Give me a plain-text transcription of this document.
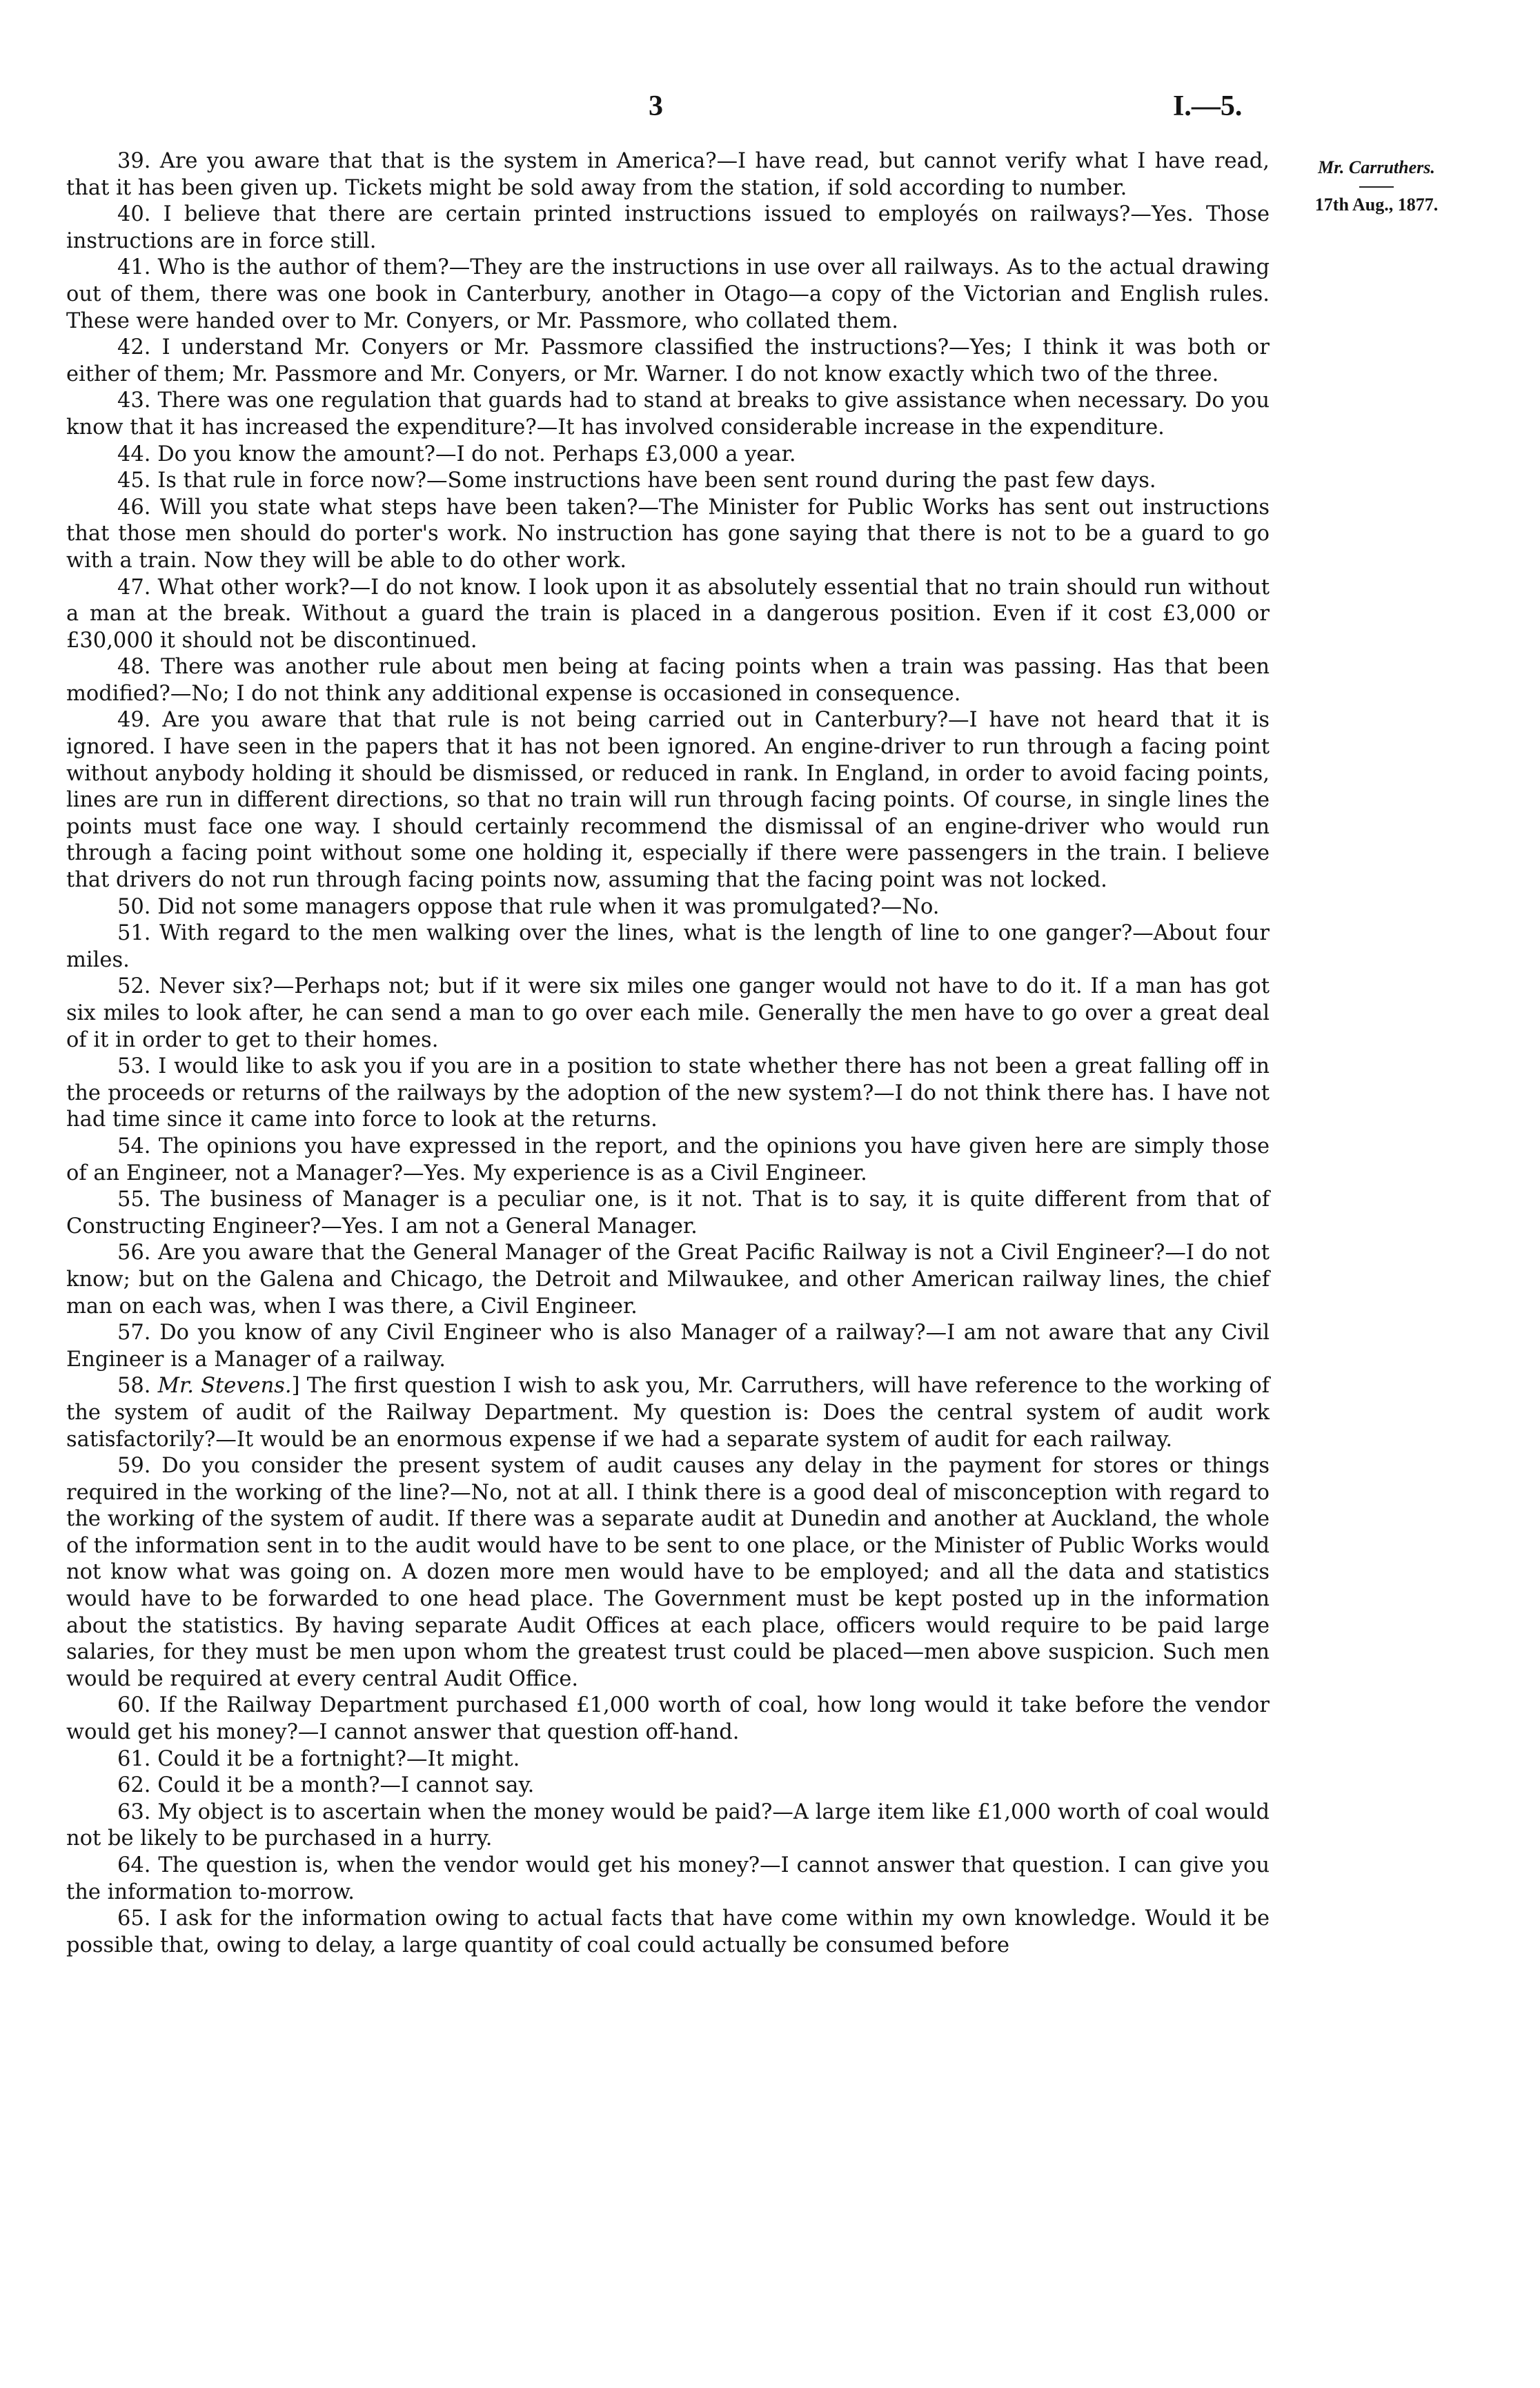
3	I.—5.
Mr. Carruthers.
17th Aug., 1877.

39. Are you aware that that is the system in America?—I have read, but cannot verify what I have read, that it has been given up. Tickets might be sold away from the station, if sold according to number.

40. I believe that there are certain printed instructions issued to employés on railways?—Yes. Those instructions are in force still.

41. Who is the author of them?—They are the instructions in use over all railways. As to the actual drawing out of them, there was one book in Canterbury, another in Otago—a copy of the Victorian and English rules. These were handed over to Mr. Conyers, or Mr. Passmore, who collated them.

42. I understand Mr. Conyers or Mr. Passmore classified the instructions?—Yes; I think it was both or either of them; Mr. Passmore and Mr. Conyers, or Mr. Warner. I do not know exactly which two of the three.

43. There was one regulation that guards had to stand at breaks to give assistance when necessary. Do you know that it has increased the expenditure?—It has involved considerable increase in the expenditure.

44. Do you know the amount?—I do not. Perhaps £3,000 a year.

45. Is that rule in force now?—Some instructions have been sent round during the past few days.

46. Will you state what steps have been taken?—The Minister for Public Works has sent out instructions that those men should do porter's work. No instruction has gone saying that there is not to be a guard to go with a train. Now they will be able to do other work.

47. What other work?—I do not know. I look upon it as absolutely essential that no train should run without a man at the break. Without a guard the train is placed in a dangerous position. Even if it cost £3,000 or £30,000 it should not be discontinued.

48. There was another rule about men being at facing points when a train was passing. Has that been modified?—No; I do not think any additional expense is occasioned in consequence.

49. Are you aware that that rule is not being carried out in Canterbury?—I have not heard that it is ignored. I have seen in the papers that it has not been ignored. An engine-driver to run through a facing point without anybody holding it should be dismissed, or reduced in rank. In England, in order to avoid facing points, lines are run in different directions, so that no train will run through facing points. Of course, in single lines the points must face one way. I should certainly recommend the dismissal of an engine-driver who would run through a facing point without some one holding it, especially if there were passengers in the train. I believe that drivers do not run through facing points now, assuming that the facing point was not locked.

50. Did not some managers oppose that rule when it was promulgated?—No.

51. With regard to the men walking over the lines, what is the length of line to one ganger?—About four miles.

52. Never six?—Perhaps not; but if it were six miles one ganger would not have to do it. If a man has got six miles to look after, he can send a man to go over each mile. Generally the men have to go over a great deal of it in order to get to their homes.

53. I would like to ask you if you are in a position to state whether there has not been a great falling off in the proceeds or returns of the railways by the adoption of the new system?—I do not think there has. I have not had time since it came into force to look at the returns.

54. The opinions you have expressed in the report, and the opinions you have given here are simply those of an Engineer, not a Manager?—Yes. My experience is as a Civil Engineer.

55. The business of Manager is a peculiar one, is it not. That is to say, it is quite different from that of Constructing Engineer?—Yes. I am not a General Manager.

56. Are you aware that the General Manager of the Great Pacific Railway is not a Civil Engineer?—I do not know; but on the Galena and Chicago, the Detroit and Milwaukee, and other American railway lines, the chief man on each was, when I was there, a Civil Engineer.

57. Do you know of any Civil Engineer who is also Manager of a railway?—I am not aware that any Civil Engineer is a Manager of a railway.

58. Mr. Stevens.] The first question I wish to ask you, Mr. Carruthers, will have reference to the working of the system of audit of the Railway Department. My question is: Does the central system of audit work satisfactorily?—It would be an enormous expense if we had a separate system of audit for each railway.

59. Do you consider the present system of audit causes any delay in the payment for stores or things required in the working of the line?—No, not at all. I think there is a good deal of misconception with regard to the working of the system of audit. If there was a separate audit at Dunedin and another at Auckland, the whole of the information sent in to the audit would have to be sent to one place, or the Minister of Public Works would not know what was going on. A dozen more men would have to be employed; and all the data and statistics would have to be forwarded to one head place. The Government must be kept posted up in the information about the statistics. By having separate Audit Offices at each place, officers would require to be paid large salaries, for they must be men upon whom the greatest trust could be placed—men above suspicion. Such men would be required at every central Audit Office.

60. If the Railway Department purchased £1,000 worth of coal, how long would it take before the vendor would get his money?—I cannot answer that question off-hand.

61. Could it be a fortnight?—It might.

62. Could it be a month?—I cannot say.

63. My object is to ascertain when the money would be paid?—A large item like £1,000 worth of coal would not be likely to be purchased in a hurry.

64. The question is, when the vendor would get his money?—I cannot answer that question. I can give you the information to-morrow.

65. I ask for the information owing to actual facts that have come within my own knowledge. Would it be possible that, owing to delay, a large quantity of coal could actually be consumed before
